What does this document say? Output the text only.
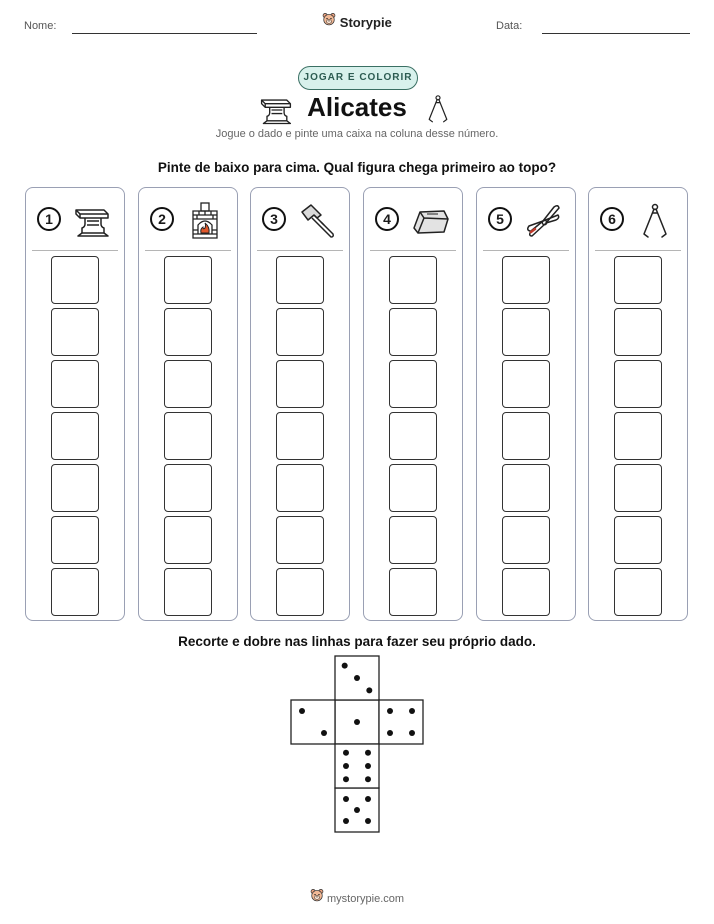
Nome:	Storypie	Data:
JOGAR E COLORIR
Alicates
Jogue o dado e pinte uma caixa na coluna desse número.
Pinte de baixo para cima. Qual figura chega primeiro ao topo?
1	2	3	4	5	6
Recorte e dobre nas linhas para fazer seu próprio dado.
mystorypie.com
